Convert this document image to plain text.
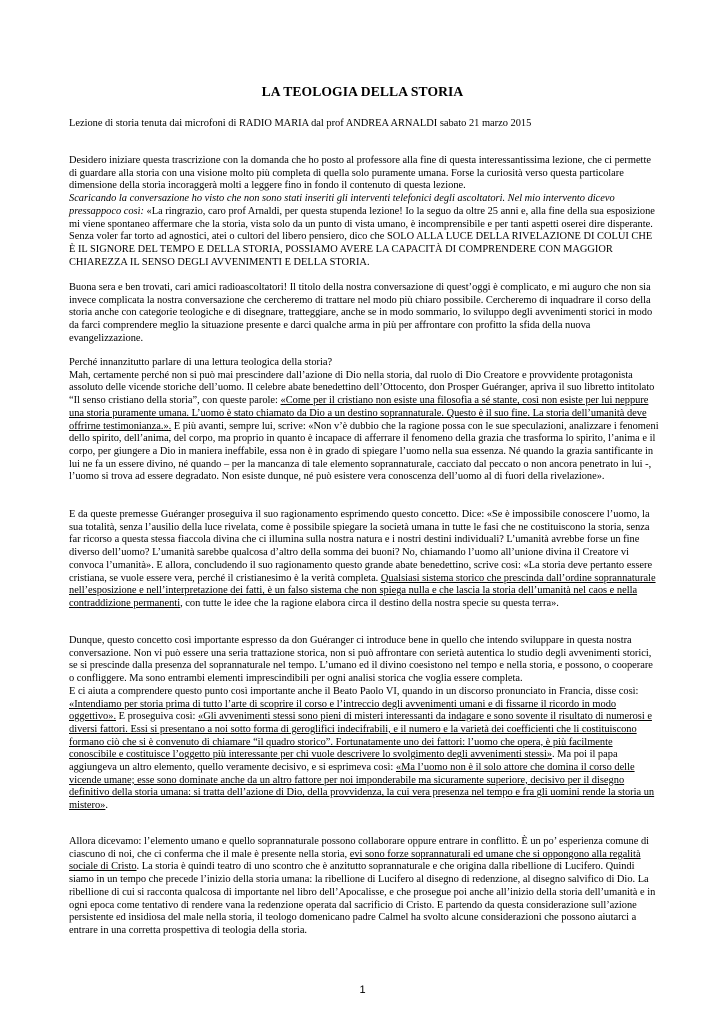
LA TEOLOGIA DELLA STORIA
Lezione di storia tenuta dai microfoni di RADIO MARIA dal prof ANDREA ARNALDI sabato 21 marzo 2015

Desidero iniziare questa trascrizione con la domanda che ho posto al professore alla fine di questa interessantissima lezione, che ci permette di guardare alla storia con una visione molto più completa di quella solo puramente umana. Forse la curiosità verso questa particolare dimensione della storia incoraggerà molti a leggere fino in fondo il contenuto di questa lezione.
Scaricando la conversazione ho visto che non sono stati inseriti gli interventi telefonici degli ascoltatori. Nel mio intervento dicevo pressappoco così: «La ringrazio, caro prof Arnaldi, per questa stupenda lezione! Io la seguo da oltre 25 anni e, alla fine della sua esposizione mi viene spontaneo affermare che la storia, vista solo da un punto di vista umano, è incomprensibile e per tanti aspetti oserei dire disperante. Senza voler far torto ad agnostici, atei o cultori del libero pensiero, dico che SOLO ALLA LUCE DELLA RIVELAZIONE DI COLUI CHE È IL SIGNORE DEL TEMPO E DELLA STORIA, POSSIAMO AVERE LA CAPACITÀ DI COMPRENDERE CON MAGGIOR CHIAREZZA IL SENSO DEGLI AVVENIMENTI E DELLA STORIA.

Buona sera e ben trovati, cari amici radioascoltatori! Il titolo della nostra conversazione di quest’oggi è complicato, e mi auguro che non sia invece complicata la nostra conversazione che cercheremo di trattare nel modo più chiaro possibile. Cercheremo di inquadrare il corso della storia anche con categorie teologiche e di disegnare, tratteggiare, anche se in modo sommario, lo sviluppo degli avvenimenti storici in modo da farci comprendere meglio la situazione presente e darci qualche arma in più per affrontare con profitto la sfida della nuova evangelizzazione.

Perché innanzitutto parlare di una lettura teologica della storia?
Mah, certamente perché non si può mai prescindere dall’azione di Dio nella storia, dal ruolo di Dio Creatore e provvidente protagonista assoluto delle vicende storiche dell’uomo. Il celebre abate benedettino dell’Ottocento, don Prosper Guéranger, apriva il suo libretto intitolato “Il senso cristiano della storia”, con queste parole: «Come per il cristiano non esiste una filosofia a sé stante, così non esiste per lui neppure una storia puramente umana. L’uomo è stato chiamato da Dio a un destino soprannaturale. Questo è il suo fine. La storia dell’umanità deve offrirne testimonianza.». E più avanti, sempre lui, scrive: «Non v’è dubbio che la ragione possa con le sue speculazioni, analizzare i fenomeni dello spirito, dell’anima, del corpo, ma proprio in quanto è incapace di afferrare il fenomeno della grazia che trasforma lo spirito, l’anima e il corpo, per giungere a Dio in maniera ineffabile, essa non è in grado di spiegare l’uomo nella sua essenza. Né quando la grazia santificante in lui ne fa un essere divino, né quando – per la mancanza di tale elemento soprannaturale, cacciato dal peccato o non ancora penetrato in lui -, l’uomo si trova ad essere degradato. Non esiste dunque, né può esistere vera conoscenza dell’uomo al di fuori della rivelazione».

E da queste premesse Guéranger proseguiva il suo ragionamento esprimendo questo concetto. Dice: «Se è impossibile conoscere l’uomo, la sua totalità, senza l’ausilio della luce rivelata, come è possibile spiegare la società umana in tutte le fasi che ne costituiscono la storia, senza far ricorso a questa stessa fiaccola divina che ci illumina sulla nostra natura e i nostri destini individuali? L’umanità avrebbe forse un fine diverso dell’uomo? L’umanità sarebbe qualcosa d’altro della somma dei buoni? No, chiamando l’uomo all’unione divina il Creatore vi convoca l’umanità». E allora, concludendo il suo ragionamento questo grande abate benedettino, scrive così: «La storia deve pertanto essere cristiana, se vuole essere vera, perché il cristianesimo è la verità completa. Qualsiasi sistema storico che prescinda dall’ordine soprannaturale nell’esposizione e nell’interpretazione dei fatti, è un falso sistema che non spiega nulla e che lascia la storia dell’umanità nel caos e nella contraddizione permanenti, con tutte le idee che la ragione elabora circa il destino della nostra specie su questa terra».

Dunque, questo concetto così importante espresso da don Guéranger ci introduce bene in quello che intendo sviluppare in questa nostra conversazione. Non vi può essere una seria trattazione storica, non si può affrontare con serietà autentica lo studio degli avvenimenti storici, se si prescinde dalla presenza del soprannaturale nel tempo. L’umano ed il divino coesistono nel tempo e nella storia, e possono, o cooperare o confliggere. Ma sono entrambi elementi imprescindibili per ogni analisi storica che voglia essere completa.
E ci aiuta a comprendere questo punto così importante anche il Beato Paolo VI, quando in un discorso pronunciato in Francia, disse così: «Intendiamo per storia prima di tutto l’arte di scoprire il corso e l’intreccio degli avvenimenti umani e di fissarne il ricordo in modo oggettivo». E proseguiva così: «Gli avvenimenti stessi sono pieni di misteri interessanti da indagare e sono sovente il risultato di numerosi e diversi fattori. Essi si presentano a noi sotto forma di geroglifici indecifrabili, e il numero e la varietà dei coefficienti che li costituiscono formano ciò che si è convenuto di chiamare “il quadro storico”. Fortunatamente uno dei fattori: l’uomo che opera, è più facilmente conoscibile e costituisce l’oggetto più interessante per chi vuole descrivere lo svolgimento degli avvenimenti stessi». Ma poi il papa aggiungeva un altro elemento, quello veramente decisivo, e si esprimeva così: «Ma l’uomo non è il solo attore che domina il corso delle vicende umane; esse sono dominate anche da un altro fattore per noi imponderabile ma sicuramente superiore, decisivo per il disegno definitivo della storia umana: si tratta dell’azione di Dio, della provvidenza, la cui vera presenza nel tempo e fra gli uomini rende la storia un mistero».

Allora dicevamo: l’elemento umano e quello soprannaturale possono collaborare oppure entrare in conflitto. È un po’ esperienza comune di ciascuno di noi, che ci conferma che il male è presente nella storia, evi sono forze soprannaturali ed umane che si oppongono alla regalità sociale di Cristo. La storia è quindi teatro di uno scontro che è anzitutto soprannaturale e che origina dalla ribellione di Lucifero. Quindi siamo in un tempo che precede l’inizio della storia umana: la ribellione di Lucifero al disegno di redenzione, al disegno salvifico di Dio. La ribellione di cui si racconta qualcosa di importante nel libro dell’Apocalisse, e che prosegue poi anche all’inizio della storia dell’umanità e in ogni epoca come tentativo di rendere vana la redenzione operata dal sacrificio di Cristo. E partendo da questa considerazione sull’azione persistente ed insidiosa del male nella storia, il teologo domenicano padre Calmel ha svolto alcune considerazioni che possono aiutarci a entrare in una corretta prospettiva di teologia della storia.

1
